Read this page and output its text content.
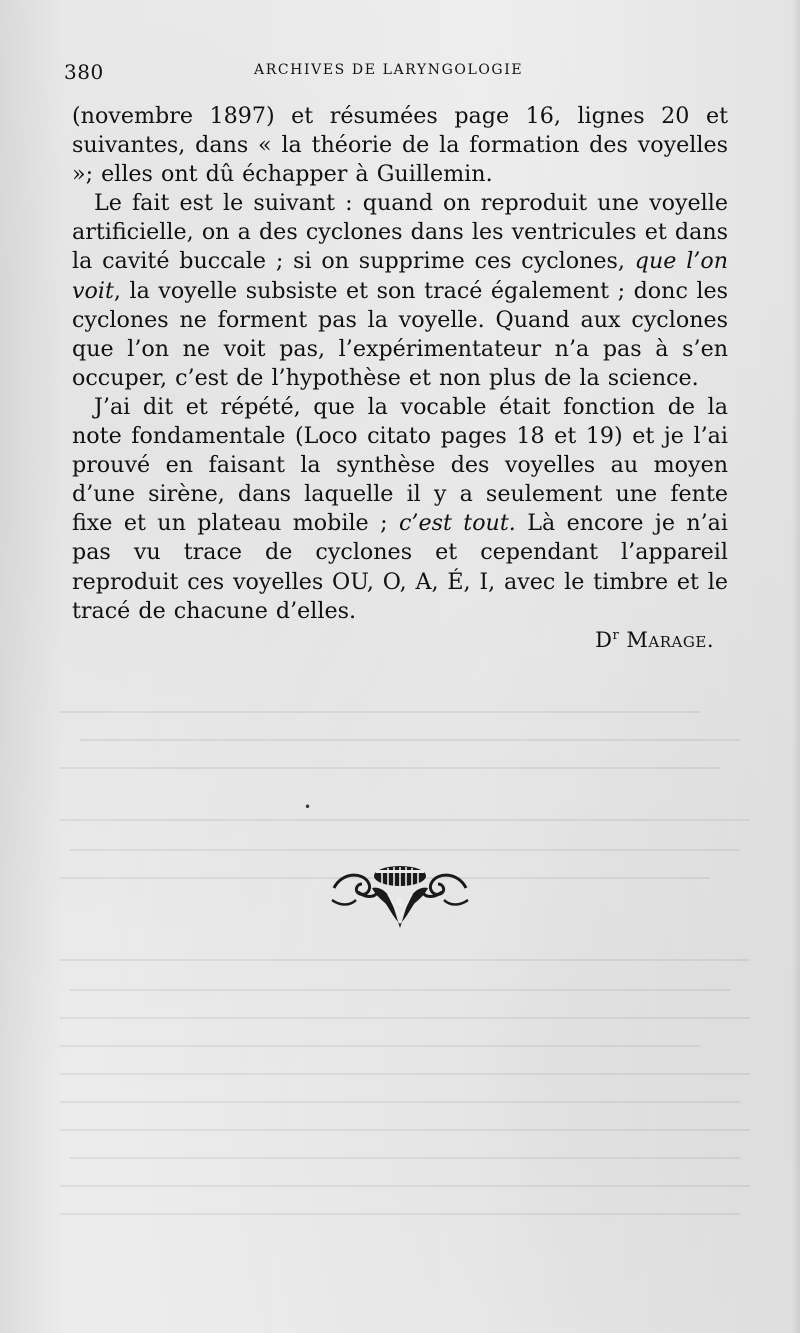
380	ARCHIVES DE LARYNGOLOGIE

(novembre 1897) et résumées page 16, lignes 20 et suivantes, dans « la théorie de la formation des voyelles »; elles ont dû échapper à Guillemin.

Le fait est le suivant : quand on reproduit une voyelle artificielle, on a des cyclones dans les ventricules et dans la cavité buccale ; si on supprime ces cyclones, que l’on voit, la voyelle subsiste et son tracé également ; donc les cyclones ne forment pas la voyelle. Quand aux cyclones que l’on ne voit pas, l’expérimentateur n’a pas à s’en occuper, c’est de l’hypothèse et non plus de la science.

J’ai dit et répété, que la vocable était fonction de la note fondamentale (Loco citato pages 18 et 19) et je l’ai prouvé en faisant la synthèse des voyelles au moyen d’une sirène, dans laquelle il y a seulement une fente fixe et un plateau mobile ; c’est tout. Là encore je n’ai pas vu trace de cyclones et cependant l’appareil reproduit ces voyelles OU, O, A, É, I, avec le timbre et le tracé de chacune d’elles.

$D^r$ Marage.
•
